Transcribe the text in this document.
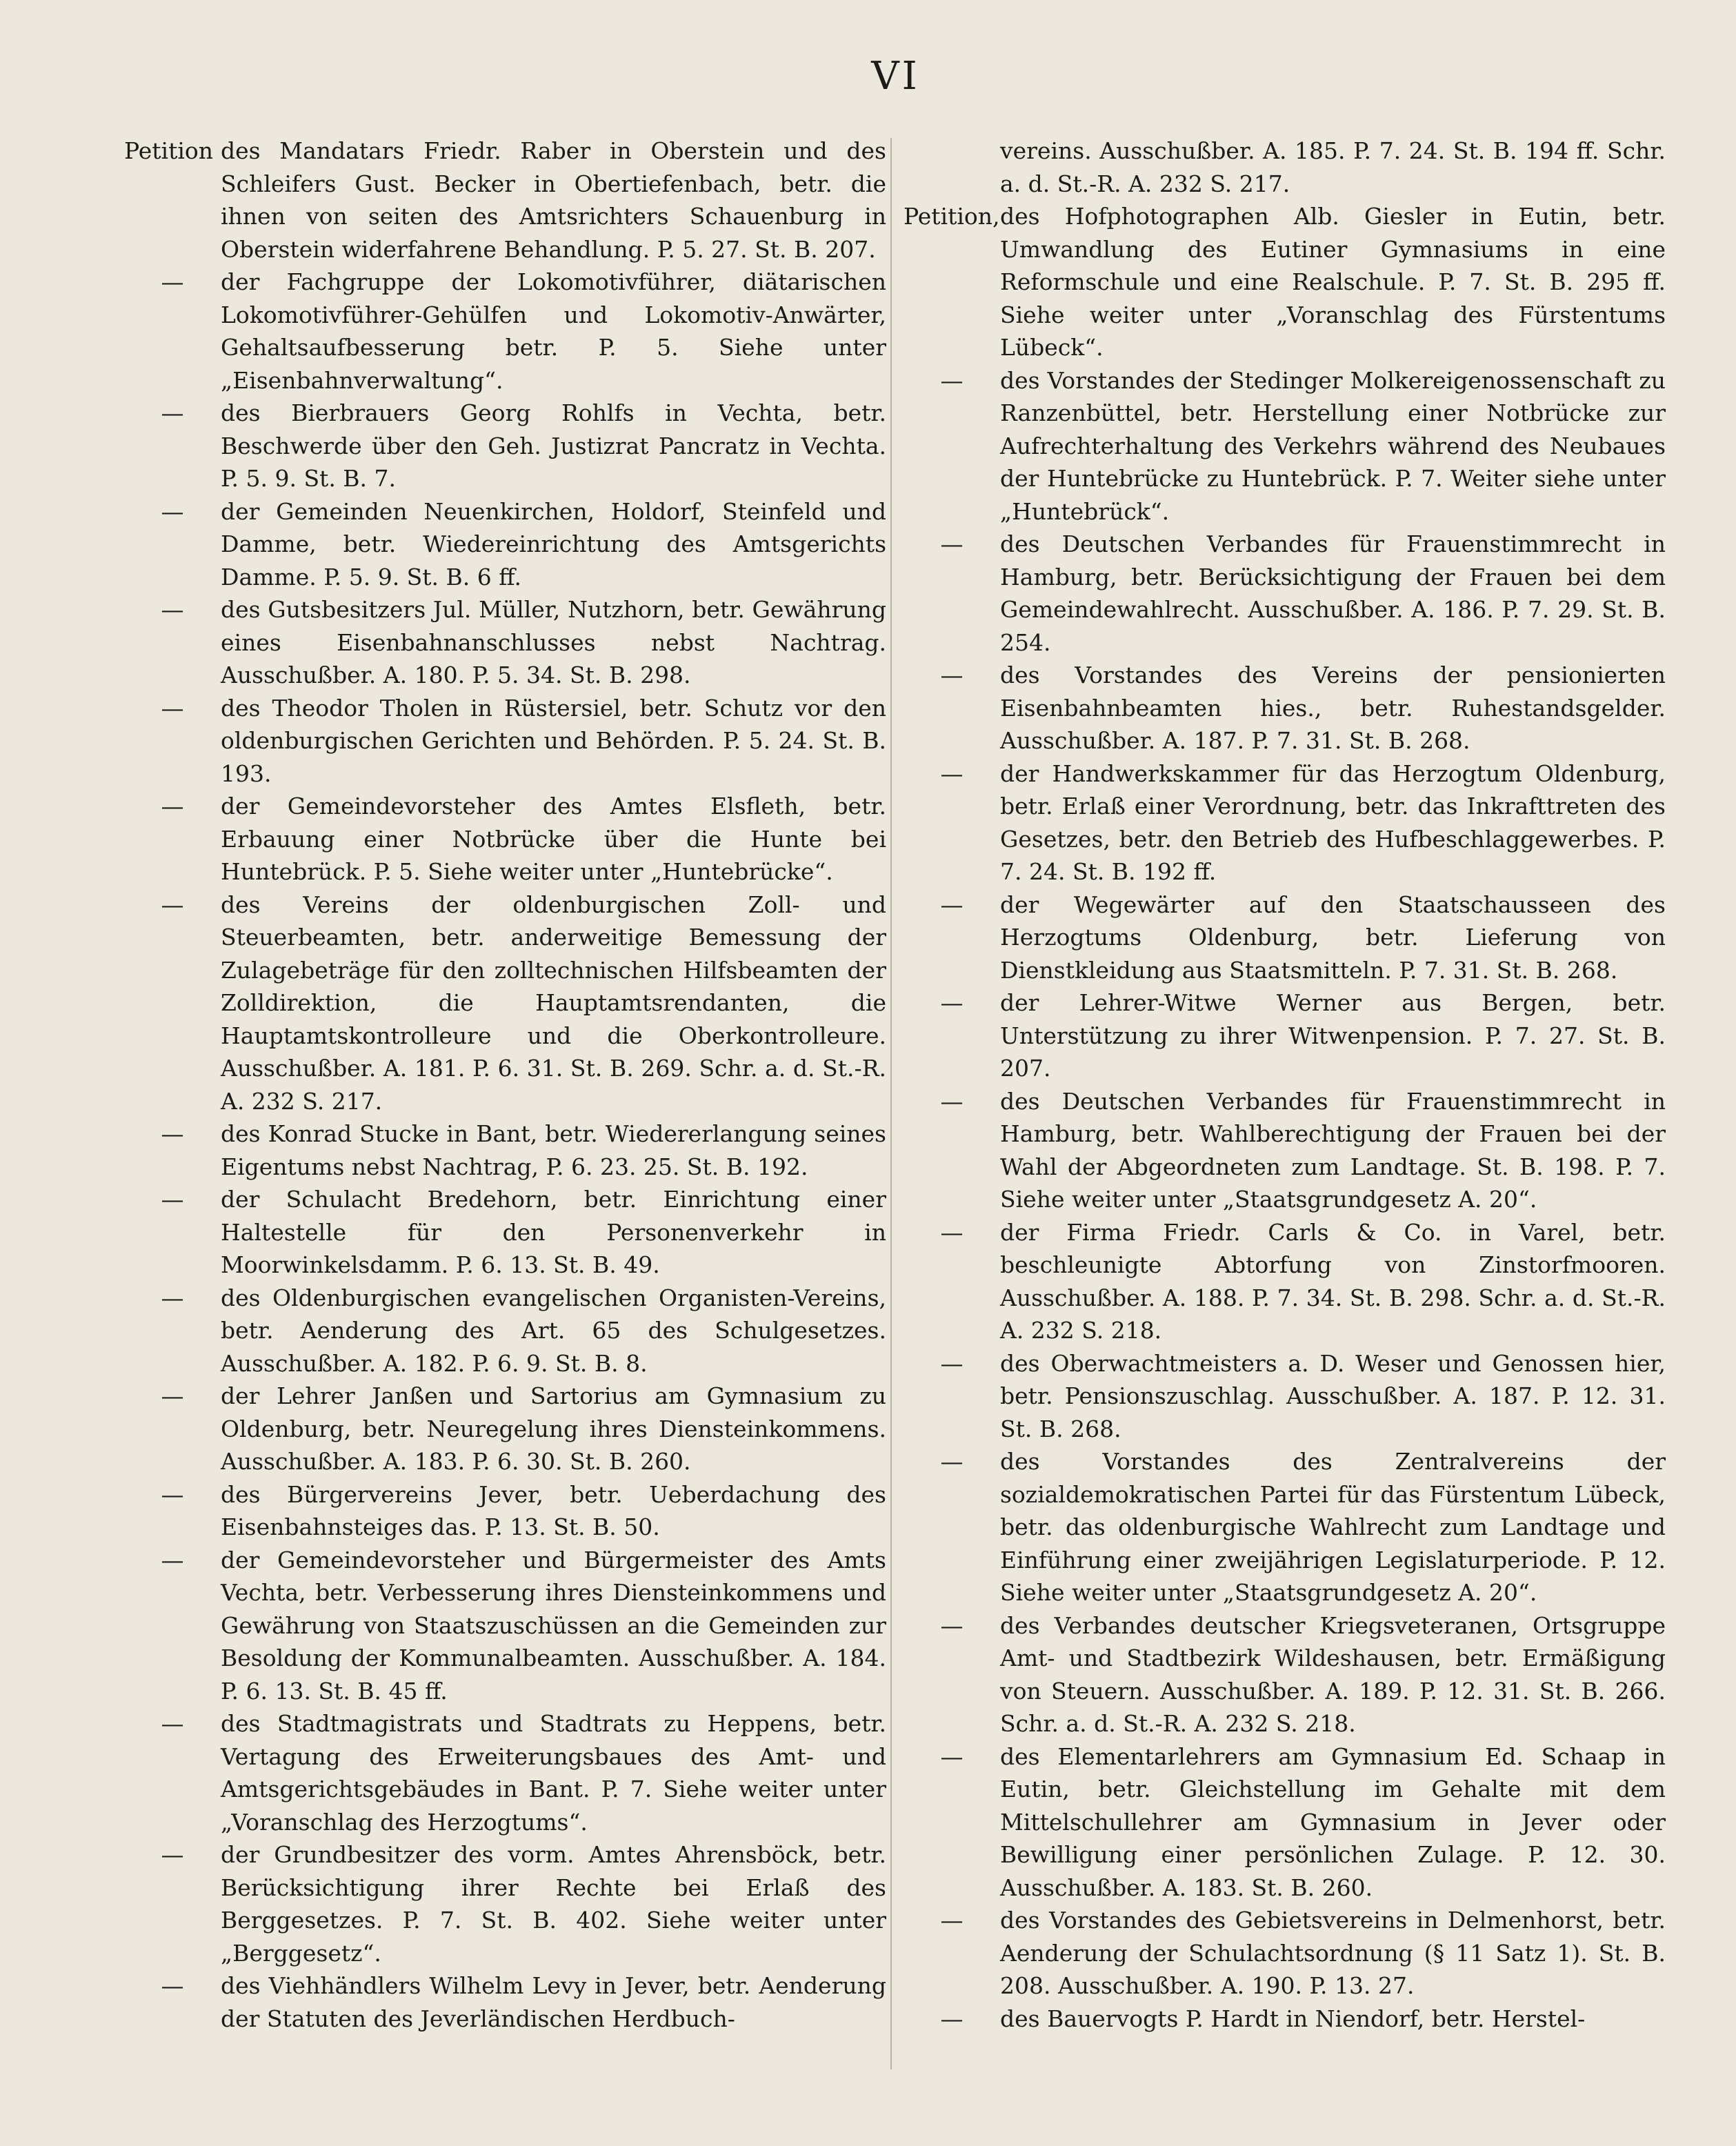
VI

Petition des Mandatars Friedr. Raber in Oberstein und des Schleifers Gust. Becker in Obertiefenbach, betr. die ihnen von seiten des Amtsrichters Schauenburg in Oberstein widerfahrene Behandlung. P. 5. 27. St. B. 207.

— der Fachgruppe der Lokomotivführer, diätarischen Lokomotivführer-Gehülfen und Lokomotiv-Anwärter, Gehaltsaufbesserung betr. P. 5. Siehe unter „Eisenbahnverwaltung“.

— des Bierbrauers Georg Rohlfs in Vechta, betr. Beschwerde über den Geh. Justizrat Pancratz in Vechta. P. 5. 9. St. B. 7.

— der Gemeinden Neuenkirchen, Holdorf, Steinfeld und Damme, betr. Wiedereinrichtung des Amtsgerichts Damme. P. 5. 9. St. B. 6 ff.

— des Gutsbesitzers Jul. Müller, Nutzhorn, betr. Gewährung eines Eisenbahnanschlusses nebst Nachtrag. Ausschußber. A. 180. P. 5. 34. St. B. 298.

— des Theodor Tholen in Rüstersiel, betr. Schutz vor den oldenburgischen Gerichten und Behörden. P. 5. 24. St. B. 193.

— der Gemeindevorsteher des Amtes Elsfleth, betr. Erbauung einer Notbrücke über die Hunte bei Huntebrück. P. 5. Siehe weiter unter „Huntebrücke“.

— des Vereins der oldenburgischen Zoll- und Steuerbeamten, betr. anderweitige Bemessung der Zulagebeträge für den zolltechnischen Hilfsbeamten der Zolldirektion, die Hauptamtsrendanten, die Hauptamtskontrolleure und die Oberkontrolleure. Ausschußber. A. 181. P. 6. 31. St. B. 269. Schr. a. d. St.-R. A. 232 S. 217.

— des Konrad Stucke in Bant, betr. Wiedererlangung seines Eigentums nebst Nachtrag, P. 6. 23. 25. St. B. 192.

— der Schulacht Bredehorn, betr. Einrichtung einer Haltestelle für den Personenverkehr in Moorwinkelsdamm. P. 6. 13. St. B. 49.

— des Oldenburgischen evangelischen Organisten-Vereins, betr. Aenderung des Art. 65 des Schulgesetzes. Ausschußber. A. 182. P. 6. 9. St. B. 8.

— der Lehrer Janßen und Sartorius am Gymnasium zu Oldenburg, betr. Neuregelung ihres Diensteinkommens. Ausschußber. A. 183. P. 6. 30. St. B. 260.

— des Bürgervereins Jever, betr. Ueberdachung des Eisenbahnsteiges das. P. 13. St. B. 50.

— der Gemeindevorsteher und Bürgermeister des Amts Vechta, betr. Verbesserung ihres Diensteinkommens und Gewährung von Staatszuschüssen an die Gemeinden zur Besoldung der Kommunalbeamten. Ausschußber. A. 184. P. 6. 13. St. B. 45 ff.

— des Stadtmagistrats und Stadtrats zu Heppens, betr. Vertagung des Erweiterungsbaues des Amt- und Amtsgerichtsgebäudes in Bant. P. 7. Siehe weiter unter „Voranschlag des Herzogtums“.

— der Grundbesitzer des vorm. Amtes Ahrensböck, betr. Berücksichtigung ihrer Rechte bei Erlaß des Berggesetzes. P. 7. St. B. 402. Siehe weiter unter „Berggesetz“.

— des Viehhändlers Wilhelm Levy in Jever, betr. Aenderung der Statuten des Jeverländischen Herdbuch-

vereins. Ausschußber. A. 185. P. 7. 24. St. B. 194 ff. Schr. a. d. St.-R. A. 232 S. 217.

Petition,des Hofphotographen Alb. Giesler in Eutin, betr. Umwandlung des Eutiner Gymnasiums in eine Reformschule und eine Realschule. P. 7. St. B. 295 ff. Siehe weiter unter „Voranschlag des Fürstentums Lübeck“.

— des Vorstandes der Stedinger Molkereigenossenschaft zu Ranzenbüttel, betr. Herstellung einer Notbrücke zur Aufrechterhaltung des Verkehrs während des Neubaues der Huntebrücke zu Huntebrück. P. 7. Weiter siehe unter „Huntebrück“.

— des Deutschen Verbandes für Frauenstimmrecht in Hamburg, betr. Berücksichtigung der Frauen bei dem Gemeindewahlrecht. Ausschußber. A. 186. P. 7. 29. St. B. 254.

— des Vorstandes des Vereins der pensionierten Eisenbahnbeamten hies., betr. Ruhestandsgelder. Ausschußber. A. 187. P. 7. 31. St. B. 268.

— der Handwerkskammer für das Herzogtum Oldenburg, betr. Erlaß einer Verordnung, betr. das Inkrafttreten des Gesetzes, betr. den Betrieb des Hufbeschlaggewerbes. P. 7. 24. St. B. 192 ff.

— der Wegewärter auf den Staatschausseen des Herzogtums Oldenburg, betr. Lieferung von Dienstkleidung aus Staatsmitteln. P. 7. 31. St. B. 268.

— der Lehrer-Witwe Werner aus Bergen, betr. Unterstützung zu ihrer Witwenpension. P. 7. 27. St. B. 207.

— des Deutschen Verbandes für Frauenstimmrecht in Hamburg, betr. Wahlberechtigung der Frauen bei der Wahl der Abgeordneten zum Landtage. St. B. 198. P. 7. Siehe weiter unter „Staatsgrundgesetz A. 20“.

— der Firma Friedr. Carls & Co. in Varel, betr. beschleunigte Abtorfung von Zinstorfmooren. Ausschußber. A. 188. P. 7. 34. St. B. 298. Schr. a. d. St.-R. A. 232 S. 218.

— des Oberwachtmeisters a. D. Weser und Genossen hier, betr. Pensionszuschlag. Ausschußber. A. 187. P. 12. 31. St. B. 268.

— des Vorstandes des Zentralvereins der sozialdemokratischen Partei für das Fürstentum Lübeck, betr. das oldenburgische Wahlrecht zum Landtage und Einführung einer zweijährigen Legislaturperiode. P. 12. Siehe weiter unter „Staatsgrundgesetz A. 20“.

— des Verbandes deutscher Kriegsveteranen, Ortsgruppe Amt- und Stadtbezirk Wildeshausen, betr. Ermäßigung von Steuern. Ausschußber. A. 189. P. 12. 31. St. B. 266. Schr. a. d. St.-R. A. 232 S. 218.

— des Elementarlehrers am Gymnasium Ed. Schaap in Eutin, betr. Gleichstellung im Gehalte mit dem Mittelschullehrer am Gymnasium in Jever oder Bewilligung einer persönlichen Zulage. P. 12. 30. Ausschußber. A. 183. St. B. 260.

— des Vorstandes des Gebietsvereins in Delmenhorst, betr. Aenderung der Schulachtsordnung (§ 11 Satz 1). St. B. 208. Ausschußber. A. 190. P. 13. 27.

— des Bauervogts P. Hardt in Niendorf, betr. Herstel-
